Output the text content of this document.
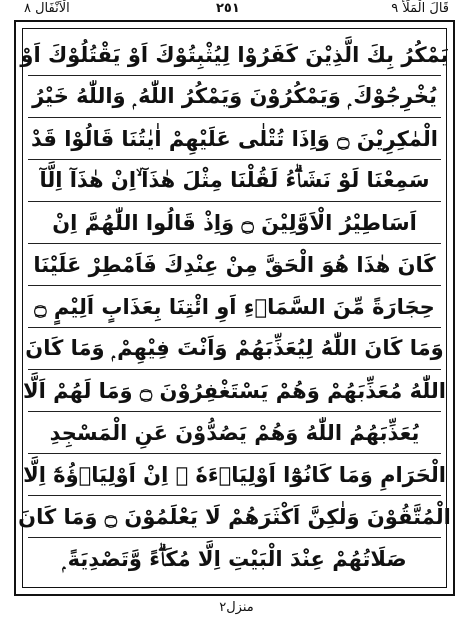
قَالَ الْمَلَأُ ٩
٢٥١
الْاَنْفَال ٨
يَمْكُرُ بِكَ الَّذِيْنَ كَفَرُوْا لِيُثْبِتُوْكَ اَوْ يَقْتُلُوْكَ اَوْ
يُخْرِجُوْكَ ۭ وَيَمْكُرُوْنَ وَيَمْكُرُ اللّٰهُ ۭ وَاللّٰهُ خَيْرُ
الْمٰكِرِيْنَ ۝ وَاِذَا تُتْلٰى عَلَيْهِمْ اٰيٰتُنَا قَالُوْا قَدْ
سَمِعْنَا لَوْ نَشَاۗءُ لَقُلْنَا مِثْلَ هٰذَآ ۙاِنْ هٰذَآ اِلَّآ
اَسَاطِيْرُ الْاَوَّلِيْنَ ۝ وَاِذْ قَالُوا اللّٰهُمَّ اِنْ
كَانَ هٰذَا هُوَ الْحَقَّ مِنْ عِنْدِكَ فَاَمْطِرْ عَلَيْنَا
حِجَارَةً مِّنَ السَّمَاۗءِ اَوِ ائْتِنَا بِعَذَابٍ اَلِيْمٍ ۝
وَمَا كَانَ اللّٰهُ لِيُعَذِّبَهُمْ وَاَنْتَ فِيْهِمْ ۭ وَمَا كَانَ
اللّٰهُ مُعَذِّبَهُمْ وَهُمْ يَسْتَغْفِرُوْنَ ۝ وَمَا لَهُمْ اَلَّا
يُعَذِّبَهُمُ اللّٰهُ وَهُمْ يَصُدُّوْنَ عَنِ الْمَسْجِدِ
الْحَرَامِ وَمَا كَانُوْٓا اَوْلِيَاۗءَهٗ ۭ اِنْ اَوْلِيَاۗؤُهٗٓ اِلَّا
الْمُتَّقُوْنَ وَلٰكِنَّ اَكْثَرَهُمْ لَا يَعْلَمُوْنَ ۝ وَمَا كَانَ
صَلَاتُهُمْ عِنْدَ الْبَيْتِ اِلَّا مُكَاۗءً وَّتَصْدِيَةً ۭ
منزل٢
